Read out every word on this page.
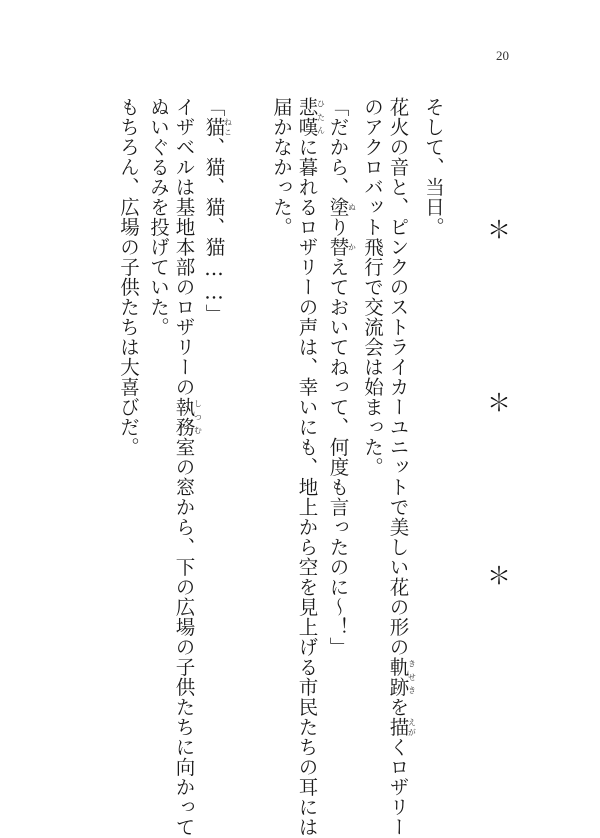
20
＊
＊
＊
そして、当日。
花火の音と、ピンクのストライカーユニットで美しい花の形の軌跡きせきを描えがくロザリー
のアクロバット飛行で交流会は始まった。
「だから、塗ぬり替かえておいてねって、何度も言ったのに～！」
悲嘆ひたんに暮れるロザリーの声は、幸いにも、地上から空を見上げる市民たちの耳には
届かなかった。
「猫ねこ、猫、猫、猫……」
イザベルは基地本部のロザリーの執務しつむ室の窓から、下の広場の子供たちに向かって
ぬいぐるみを投げていた。
もちろん、広場の子供たちは大喜びだ。
